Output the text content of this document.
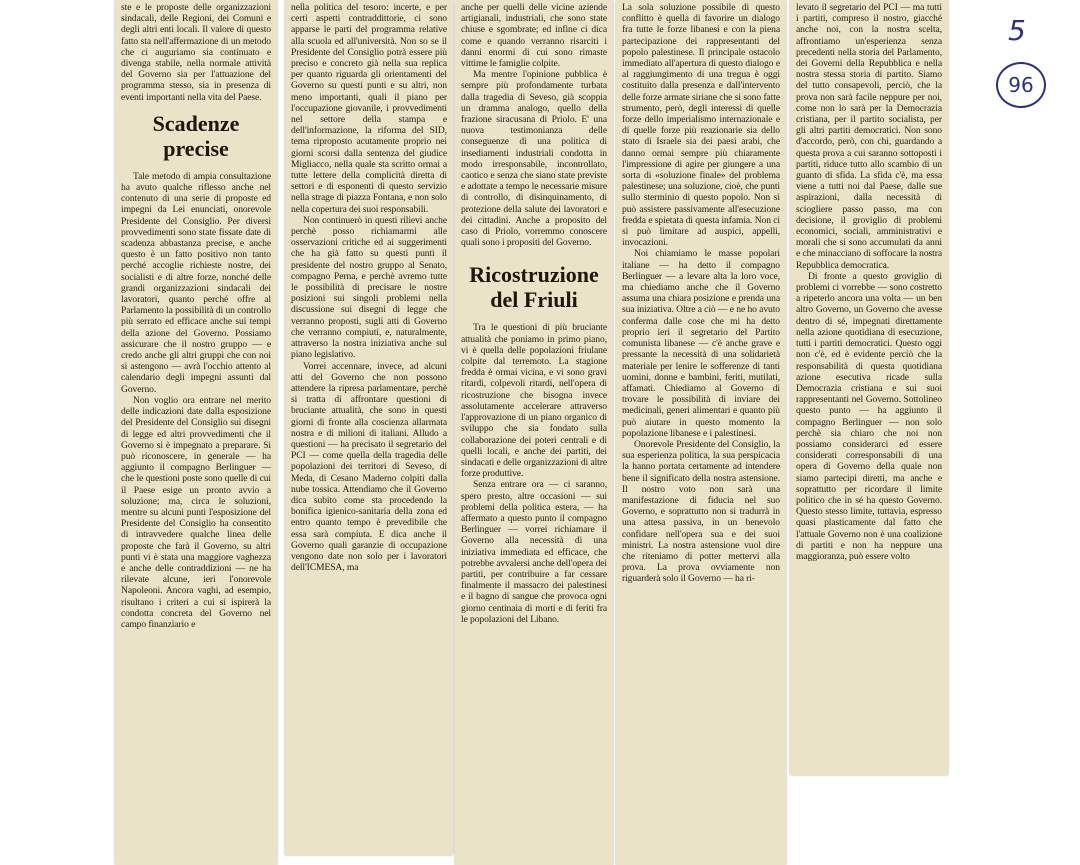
ste e le proposte delle organizzazioni sindacali, delle Regioni, dei Comuni e degli altri enti locali. Il valore di questo fatto sta nell'affermazione di un metodo che ci auguriamo sia continuato e divenga stabile, nella normale attività del Governo sia per l'attuazione del programma stesso, sia in presenza di eventi importanti nella vita del Paese.

Scadenze precise

Tale metodo di ampia consultazione ha avuto qualche riflesso anche nel contenuto di una serie di proposte ed impegni da Lei enunciati, onorevole Presidente del Consiglio. Per diversi provvedimenti sono state fissate date di scadenza abbastanza precise, e anche questo è un fatto positivo non tanto perché accoglie richieste nostre, dei socialisti e di altre forze, nonché delle grandi organizzazioni sindacali dei lavoratori, quanto perché offre al Parlamento la possibilità di un controllo più serrato ed efficace anche sui tempi della azione del Governo. Possiamo assicurare che il nostro gruppo — e credo anche gli altri gruppi che con noi si astengono — avrà l'occhio attento al calendario degli impegni assunti dal Governo.

Non voglio ora entrare nel merito delle indicazioni date dalla esposizione del Presidente del Consiglio sui disegni di legge ed altri provvedimenti che il Governo si è impegnato a preparare. Si può riconoscere, in generale — ha aggiunto il compagno Berlinguer — che le questioni poste sono quelle di cui il Paese esige un pronto avvio a soluzione; ma, circa le soluzioni, mentre su alcuni punti l'esposizione del Presidente del Consiglio ha consentito di intravvedere qualche linea delle proposte che farà il Governo, su altri punti vi è stata una maggiore vaghezza e anche delle contraddizioni — ne ha rilevate alcune, ieri l'onorevole Napoleoni. Ancora vaghi, ad esempio, risultano i criteri a cui si ispirerà la condotta concreta del Governo nel campo finanziario e

nella politica del tesoro: incerte, e per certi aspetti contraddittorie, ci sono apparse le parti del programma relative alla scuola ed all'università. Non so se il Presidente del Consiglio potrà essere più preciso e concreto già nella sua replica per quanto riguarda gli orientamenti del Governo su questi punti e su altri, non meno importanti, quali il piano per l'occupazione giovanile, i provvedimenti nel settore della stampa e dell'informazione, la riforma del SID, tema riproposto acutamente proprio nei giorni scorsi dalla sentenza del giudice Migliacco, nella quale sta scritto ormai a tutte lettere della complicità diretta di settori e di esponenti di questo servizio nella strage di piazza Fontana, e non solo nella copertura dei suoi responsabili.

Non continuerò in questi rilievi anche perchè posso richiamarmi alle osservazioni critiche ed ai suggerimenti che ha già fatto su questi punti il presidente del nostro gruppo al Senato, compagno Perna, e perchè avremo tutte le possibilità di precisare le nostre posizioni sui singoli problemi nella discussione sui disegni di legge che verranno proposti, sugli atti di Governo che verranno compiuti, e, naturalmente, attraverso la nostra iniziativa anche sul piano legislativo.

Vorrei accennare, invece, ad alcuni atti del Governo che non possono attendere la ripresa parlamentare, perchè si tratta di affrontare questioni di bruciante attualità, che sono in questi giorni di fronte alla coscienza allarmata nostra e di milioni di italiani. Alludo a questioni — ha precisato il segretario del PCI — come quella della tragedia delle popolazioni dei territori di Seveso, di Meda, di Cesano Maderno colpiti dalla nube tossica. Attendiamo che il Governo dica subito come sta procedendo la bonifica igienico-sanitaria della zona ed entro quanto tempo è prevedibile che essa sarà compiuta. E dica anche il Governo quali garanzie di occupazione vengono date non solo per i lavoratori dell'ICMESA, ma

anche per quelli delle vicine aziende artigianali, industriali, che sono state chiuse e sgombrate; ed infine ci dica come e quando verranno risarciti i danni enormi di cui sono rimaste vittime le famiglie colpite.

Ma mentre l'opinione pubblica è sempre più profondamente turbata dalla tragedia di Seveso, già scoppia un dramma analogo, quello della frazione siracusana di Priolo. E' una nuova testimonianza delle conseguenze di una politica di insediamenti industriali condotta in modo irresponsabile, incontrollato, caotico e senza che siano state previste e adottate a tempo le necessarie misure di controllo, di disinquinamento, di protezione della salute dei lavoratori e dei cittadini. Anche a proposito del caso di Priolo, vorremmo conoscere quali sono i propositi del Governo.

Ricostruzione del Friuli

Tra le questioni di più bruciante attualità che poniamo in primo piano, vi è quella delle popolazioni friulane colpite dal terremoto. La stagione fredda è ormai vicina, e vi sono gravi ritardi, colpevoli ritardi, nell'opera di ricostruzione che bisogna invece assolutamente accelerare attraverso l'approvazione di un piano organico di sviluppo che sia fondato sulla collaborazione dei poteri centrali e di quelli locali, e anche dei partiti, dei sindacati e delle organizzazioni di altre forze produttive.

Senza entrare ora — ci saranno, spero presto, altre occasioni — sui problemi della politica estera, — ha affermato a questo punto il compagno Berlinguer — vorrei richiamare il Governo alla necessità di una iniziativa immediata ed efficace, che potrebbe avvalersi anche dell'opera dei partiti, per contribuire a far cessare finalmente il massacro dei palestinesi e il bagno di sangue che provoca ogni giorno centinaia di morti e di feriti fra le popolazioni del Libano.

La sola soluzione possibile di questo conflitto è quella di favorire un dialogo fra tutte le forze libanesi e con la piena partecipazione dei rappresentanti del popolo palestinese. Il principale ostacolo immediato all'apertura di questo dialogo e al raggiungimento di una tregua è oggi costituito dalla presenza e dall'intervento delle forze armate siriane che si sono fatte strumento, però, degli interessi di quelle forze dello imperialismo internazionale e di quelle forze più reazionarie sia dello stato di Israele sia dei paesi arabi, che danno ormai sempre più chiaramente l'impressione di agire per giungere a una sorta di «soluzione finale» del problema palestinese; una soluzione, cioè, che punti sullo sterminio di questo popolo. Non si può assistere passivamente all'esecuzione fredda e spietata di questa infamia. Non ci si può limitare ad auspici, appelli, invocazioni.

Noi chiamiamo le masse popolari italiane — ha detto il compagno Berlinguer — a levare alta la loro voce, ma chiediamo anche che il Governo assuma una chiara posizione e prenda una sua iniziativa. Oltre a ciò — e ne ho avuto conferma dalle cose che mi ha detto proprio ieri il segretario del Partito comunista libanese — c'è anche grave e pressante la necessità di una solidarietà materiale per lenire le sofferenze di tanti uomini, donne e bambini, feriti, mutilati, affamati. Chiediamo al Governo di trovare le possibilità di inviare dei medicinali, generi alimentari e quanto più può aiutare in questo momento la popolazione libanese e i palestinesi.

Onorevole Presidente del Consiglio, la sua esperienza politica, la sua perspicacia la hanno portata certamente ad intendere bene il significato della nostra astensione. Il nostro voto non sarà una manifestazione di fiducia nel suo Governo, e soprattutto non si tradurrà in una attesa passiva, in un benevolo confidare nell'opera sua e dei suoi ministri. La nostra astensione vuol dire che riteniamo di potter mettervi alla prova. La prova ovviamente non riguarderà solo il Governo — ha ri-

levato il segretario del PCI — ma tutti i partiti, compreso il nostro, giacché anche noi, con la nostra scelta, affrontiamo un'esperienza senza precedenti nella storia del Parlamento, dei Governi della Repubblica e nella nostra stessa storia di partito. Siamo del tutto consapevoli, perciò, che la prova non sarà facile neppure per noi, come non lo sarà per la Democrazia cristiana, per il partito socialista, per gli altri partiti democratici. Non sono d'accordo, però, con chi, guardando a questa prova a cui saranno sottoposti i partiti, riduce tutto allo scambio di un guanto di sfida. La sfida c'è, ma essa viene a tutti noi dal Paese, dalle sue aspirazioni, dalla necessità di sciogliere passo passo, ma con decisione, il groviglio di problemi economici, sociali, amministrativi e morali che si sono accumulati da anni e che minacciano di soffocare la nostra Repubblica democratica.

Di fronte a questo groviglio di problemi ci vorrebbe — sono costretto a ripeterlo ancora una volta — un ben altro Governo, un Governo che avesse dentro di sé, impegnati direttamente nella azione quotidiana di esecuzione, tutti i partiti democratici. Questo oggi non c'è, ed è evidente perciò che la responsabilità di questa quotidiana azione esecutiva ricade sulla Democrazia cristiana e sui suoi rappresentanti nel Governo. Sottolineo questo punto — ha aggiunto il compagno Berlinguer — non solo perchè sia chiaro che noi non possiamo considerarci ed essere considerati corresponsabili di una opera di Governo della quale non siamo partecipi diretti, ma anche e soprattutto per ricordare il limite politico che in sé ha questo Governo. Questo stesso limite, tuttavia, espresso quasi plasticamente dal fatto che l'attuale Governo non è una coalizione di partiti e non ha neppure una maggioranza, può essere volto

5
96
